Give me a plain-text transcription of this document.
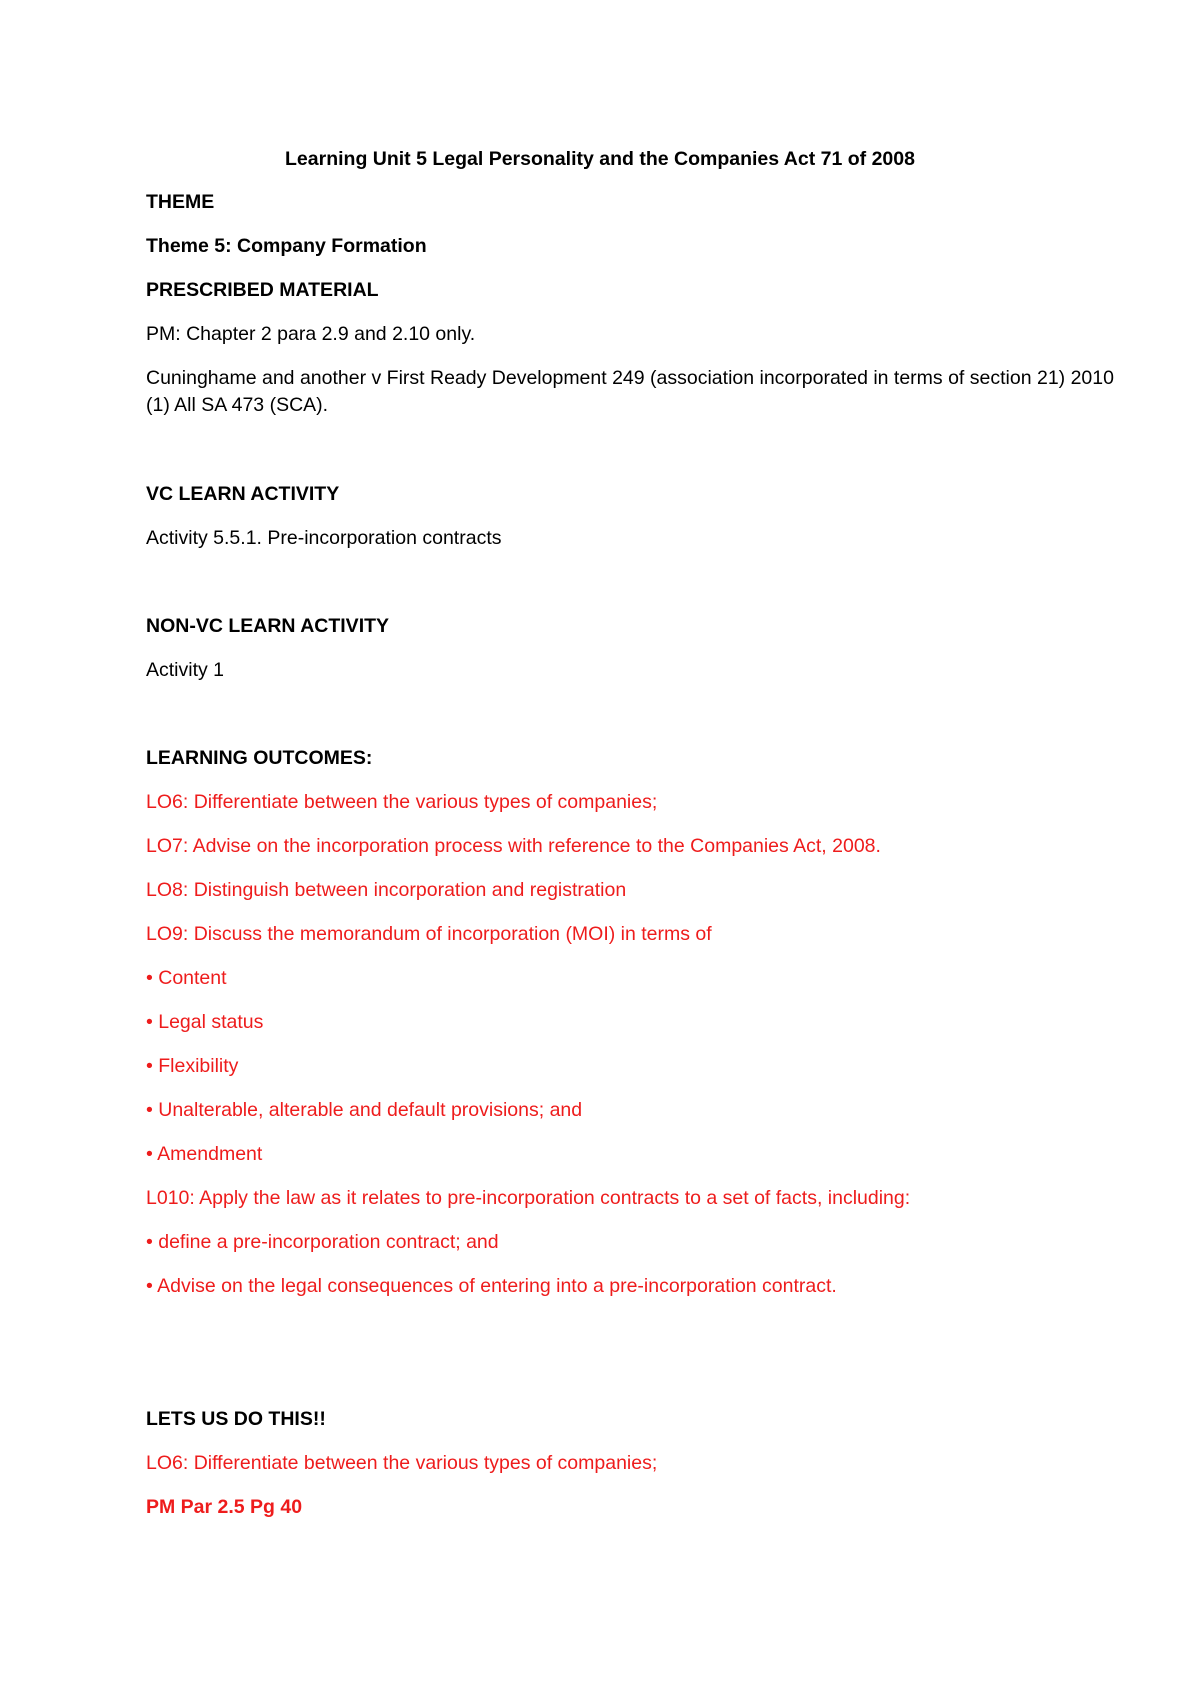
Learning Unit 5 Legal Personality and the Companies Act 71 of 2008
THEME
Theme 5: Company Formation
PRESCRIBED MATERIAL
PM: Chapter 2 para 2.9 and 2.10 only.
Cuninghame and another v First Ready Development 249 (association incorporated in terms of section 21) 2010
(1) All SA 473 (SCA).
VC LEARN ACTIVITY
Activity 5.5.1. Pre-incorporation contracts
NON-VC LEARN ACTIVITY
Activity 1
LEARNING OUTCOMES:
LO6: Differentiate between the various types of companies;
LO7: Advise on the incorporation process with reference to the Companies Act, 2008.
LO8: Distinguish between incorporation and registration
LO9: Discuss the memorandum of incorporation (MOI) in terms of
• Content
• Legal status
• Flexibility
• Unalterable, alterable and default provisions; and
• Amendment
L010: Apply the law as it relates to pre-incorporation contracts to a set of facts, including:
• define a pre-incorporation contract; and
• Advise on the legal consequences of entering into a pre-incorporation contract.
LETS US DO THIS!!
LO6: Differentiate between the various types of companies;
PM Par 2.5 Pg 40
